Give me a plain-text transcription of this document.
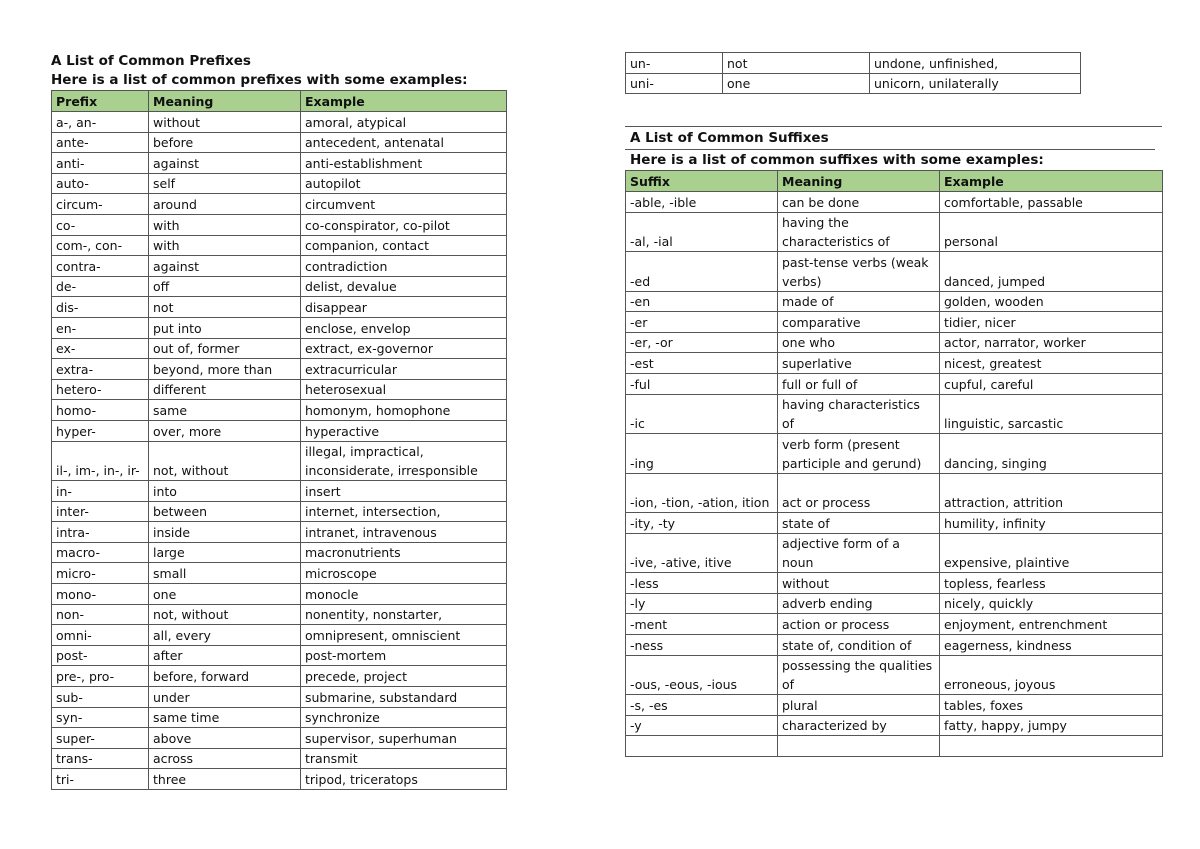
A List of Common Prefixes
Here is a list of common prefixes with some examples:
Prefix	Meaning	Example
a-, an-	without	amoral, atypical
ante-	before	antecedent, antenatal
anti-	against	anti-establishment
auto-	self	autopilot
circum-	around	circumvent
co-	with	co-conspirator, co-pilot
com-, con-	with	companion, contact
contra-	against	contradiction
de-	off	delist, devalue
dis-	not	disappear
en-	put into	enclose, envelop
ex-	out of, former	extract, ex-governor
extra-	beyond, more than	extracurricular
hetero-	different	heterosexual
homo-	same	homonym, homophone
hyper-	over, more	hyperactive
il-, im-, in-, ir-	not, without	illegal, impractical, inconsiderate, irresponsible
in-	into	insert
inter-	between	internet, intersection,
intra-	inside	intranet, intravenous
macro-	large	macronutrients
micro-	small	microscope
mono-	one	monocle
non-	not, without	nonentity, nonstarter,
omni-	all, every	omnipresent, omniscient
post-	after	post-mortem
pre-, pro-	before, forward	precede, project
sub-	under	submarine, substandard
syn-	same time	synchronize
super-	above	supervisor, superhuman
trans-	across	transmit
tri-	three	tripod, triceratops
un-	not	undone, unfinished,
uni-	one	unicorn, unilaterally
A List of Common Suffixes
Here is a list of common suffixes with some examples:
Suffix	Meaning	Example
-able, -ible	can be done	comfortable, passable
-al, -ial	having the characteristics of	personal
-ed	past-tense verbs (weak verbs)	danced, jumped
-en	made of	golden, wooden
-er	comparative	tidier, nicer
-er, -or	one who	actor, narrator, worker
-est	superlative	nicest, greatest
-ful	full or full of	cupful, careful
-ic	having characteristics of	linguistic, sarcastic
-ing	verb form (present participle and gerund)	dancing, singing
-ion, -tion, -ation, ition	act or process	attraction, attrition
-ity, -ty	state of	humility, infinity
-ive, -ative, itive	adjective form of a noun	expensive, plaintive
-less	without	topless, fearless
-ly	adverb ending	nicely, quickly
-ment	action or process	enjoyment, entrenchment
-ness	state of, condition of	eagerness, kindness
-ous, -eous, -ious	possessing the qualities of	erroneous, joyous
-s, -es	plural	tables, foxes
-y	characterized by	fatty, happy, jumpy
